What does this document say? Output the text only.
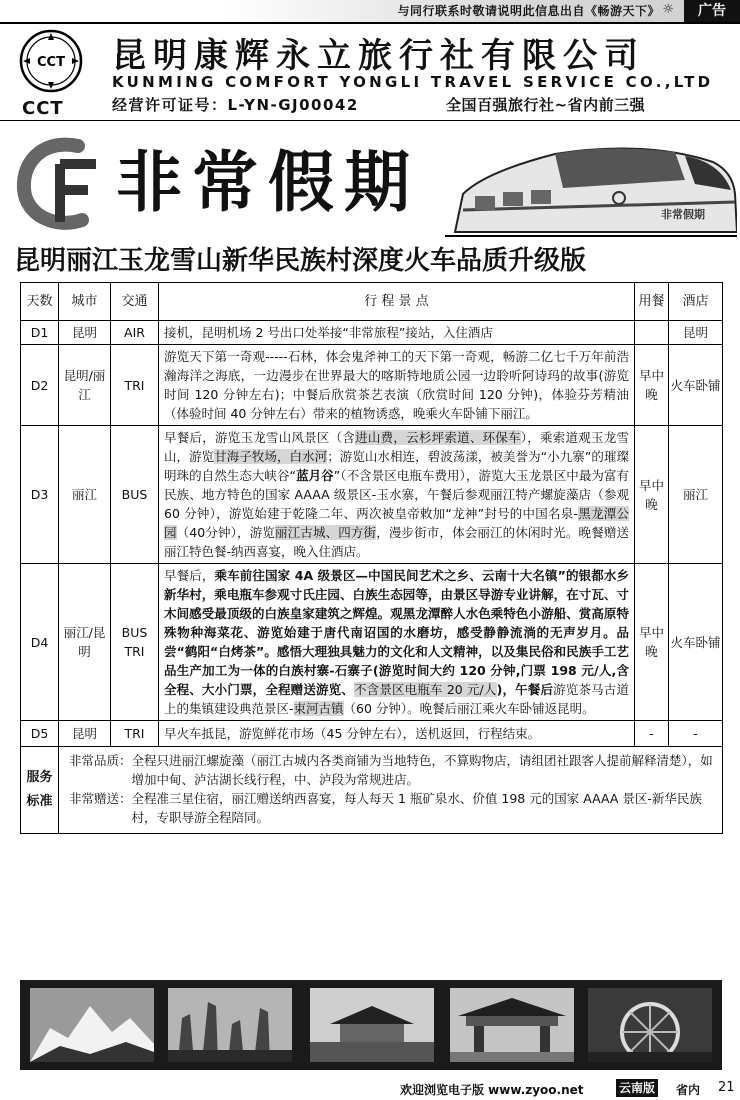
与同行联系时敬请说明此信息出自《畅游天下》 ☼	广告
CCT
CCT
昆明康辉永立旅行社有限公司
KUNMING COMFORT YONGLI TRAVEL SERVICE CO.,LTD
经营许可证号：L-YN-GJ00042	全国百强旅行社~省内前三强
非常假期	非常假期
昆明丽江玉龙雪山新华民族村深度火车品质升级版
天数	城市	交通	行 程 景 点	用餐	酒店
D1	昆明	AIR	接机，昆明机场 2 号出口处举接“非常旅程”接站，入住酒店		昆明
D2	昆明/丽江	TRI	游览天下第一奇观-----石林，体会鬼斧神工的天下第一奇观，畅游二亿七千万年前浩瀚海洋之海底，一边漫步在世界最大的喀斯特地质公园一边聆听阿诗玛的故事(游览时间 120 分钟左右)；中餐后欣赏茶艺表演（欣赏时间 120 分钟)，体验芬芳精油（体验时间 40 分钟左右）带来的植物诱惑，晚乘火车卧铺下丽江。	早中晚	火车卧铺
D3	丽江	BUS	早餐后，游览玉龙雪山风景区（含进山费，云杉坪索道、环保车），乘索道观玉龙雪山，游览甘海子牧场，白水河；游览山水相连，碧波荡漾，被美誉为“小九寨”的璀璨明珠的自然生态大峡谷“蓝月谷”（不含景区电瓶车费用），游览大玉龙景区中最为富有民族、地方特色的国家 AAAA 级景区-玉水寨，午餐后参观丽江特产螺旋藻店（参观 60 分钟），游览始建于乾隆二年、两次被皇帝敕加“龙神”封号的中国名泉-黑龙潭公园（40分钟），游览丽江古城、四方街，漫步街市，体会丽江的休闲时光。晚餐赠送丽江特色餐-纳西喜宴，晚入住酒店。	早中晚	丽江
D4	丽江/昆明	BUS TRI	早餐后，乘车前往国家 4A 级景区—中国民间艺术之乡、云南十大名镇”的银都水乡新华村，乘电瓶车参观寸氏庄园、白族生态园等，由景区导游专业讲解，在寸瓦、寸木间感受最顶级的白族皇家建筑之辉煌。观黑龙潭醉人水色乘特色小游船、赏高原特殊物种海菜花、游览始建于唐代南诏国的水磨坊，感受静静流淌的无声岁月。品尝“鹤阳“白烤茶”。感悟大理独具魅力的文化和人文精神，以及集民俗和民族手工艺品生产加工为一体的白族村寨-石寨子(游览时间大约 120 分钟,门票 198 元/人,含全程、大小门票，全程赠送游览、不含景区电瓶车 20 元/人)，午餐后游览茶马古道上的集镇建设典范景区-束河古镇（60 分钟）。晚餐后丽江乘火车卧铺返昆明。	早中晚	火车卧铺
D5	昆明	TRI	早火车抵昆，游览鲜花市场（45 分钟左右），送机返回，行程结束。	-	-
服务标准	非常品质： 全程只进丽江螺旋藻（丽江古城内各类商铺为当地特色，不算购物店，请组团社跟客人提前解释清楚），如增加中甸、泸沽湖长线行程，中、泸段为常规进店。
非常赠送： 全程准三星住宿，丽江赠送纳西喜宴，每人每天 1 瓶矿泉水、价值 198 元的国家 AAAA 景区-新华民族村，专职导游全程陪同。				
欢迎浏览电子版 www.zyoo.net	云南版 省内 21
